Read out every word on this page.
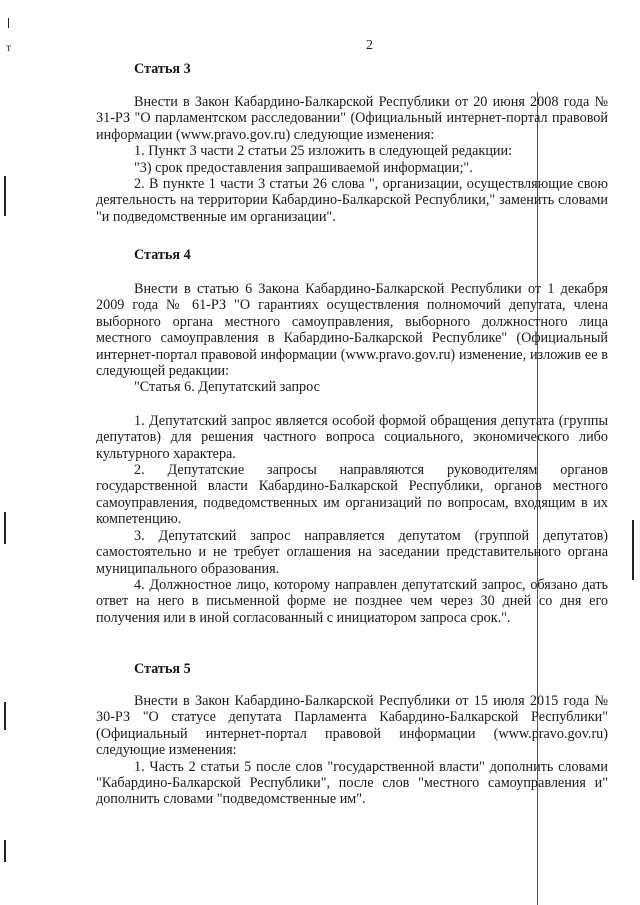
т	2
Статья 3

Внести в Закон Кабардино-Балкарской Республики от 20 июня 2008 года № 31-РЗ "О парламентском расследовании" (Официальный интернет-портал правовой информации (www.pravo.gov.ru) следующие изменения:

1. Пункт 3 части 2 статьи 25 изложить в следующей редакции:

"3) срок предоставления запрашиваемой информации;".

2. В пункте 1 части 3 статьи 26 слова ", организации, осуществляющие свою деятельность на территории Кабардино-Балкарской Республики," заменить словами "и подведомственные им организации".

Статья 4

Внести в статью 6 Закона Кабардино-Балкарской Республики от 1 декабря 2009 года № 61-РЗ "О гарантиях осуществления полномочий депутата, члена выборного органа местного самоуправления, выборного должностного лица местного самоуправления в Кабардино-Балкарской Республике" (Официальный интернет-портал правовой информации (www.pravo.gov.ru) изменение, изложив ее в следующей редакции:

"Статья 6. Депутатский запрос

1. Депутатский запрос является особой формой обращения депутата (группы депутатов) для решения частного вопроса социального, экономического либо культурного характера.

2. Депутатские запросы направляются руководителям органов государственной власти Кабардино-Балкарской Республики, органов местного самоуправления, подведомственных им организаций по вопросам, входящим в их компетенцию.

3. Депутатский запрос направляется депутатом (группой депутатов) самостоятельно и не требует оглашения на заседании представительного органа муниципального образования.

4. Должностное лицо, которому направлен депутатский запрос, обязано дать ответ на него в письменной форме не позднее чем через 30 дней со дня его получения или в иной согласованный с инициатором запроса срок.".

Статья 5

Внести в Закон Кабардино-Балкарской Республики от 15 июля 2015 года № 30-РЗ "О статусе депутата Парламента Кабардино-Балкарской Республики" (Официальный интернет-портал правовой информации (www.pravo.gov.ru) следующие изменения:

1. Часть 2 статьи 5 после слов "государственной власти" дополнить словами "Кабардино-Балкарской Республики", после слов "местного самоуправления и" дополнить словами "подведомственные им".
